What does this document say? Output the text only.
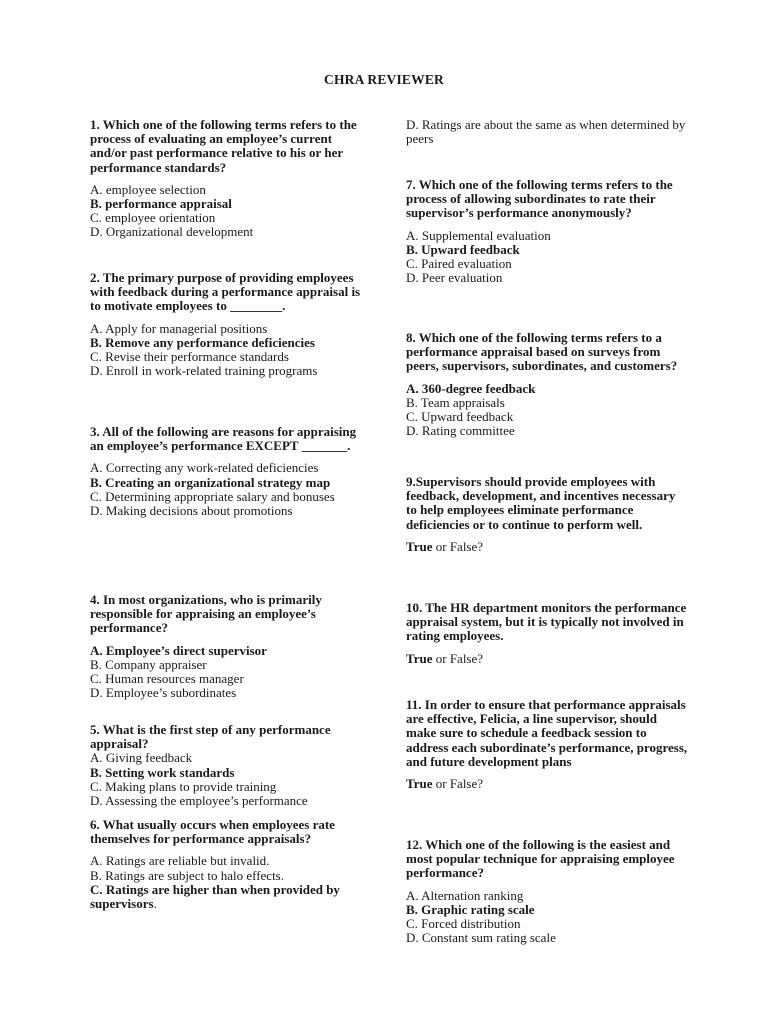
CHRA REVIEWER

1. Which one of the following terms refers to the process of evaluating an employee’s current and/or past performance relative to his or her performance standards?

A. employee selection

B. performance appraisal

C. employee orientation

D. Organizational development

2. The primary purpose of providing employees with feedback during a performance appraisal is to motivate employees to ________.

A. Apply for managerial positions

B. Remove any performance deficiencies

C. Revise their performance standards

D. Enroll in work-related training programs

3. All of the following are reasons for appraising an employee’s performance EXCEPT _______.

A. Correcting any work-related deficiencies

B. Creating an organizational strategy map

C. Determining appropriate salary and bonuses

D. Making decisions about promotions

4. In most organizations, who is primarily responsible for appraising an employee’s performance?

A. Employee’s direct supervisor

B. Company appraiser

C. Human resources manager

D. Employee’s subordinates

5. What is the first step of any performance appraisal?

A. Giving feedback

B. Setting work standards

C. Making plans to provide training

D. Assessing the employee’s performance

6. What usually occurs when employees rate themselves for performance appraisals?

A. Ratings are reliable but invalid.

B. Ratings are subject to halo effects.

C. Ratings are higher than when provided by supervisors.

D. Ratings are about the same as when determined by peers

7. Which one of the following terms refers to the process of allowing subordinates to rate their supervisor’s performance anonymously?

A. Supplemental evaluation

B. Upward feedback

C. Paired evaluation

D. Peer evaluation

8. Which one of the following terms refers to a performance appraisal based on surveys from peers, supervisors, subordinates, and customers?

A. 360-degree feedback

B. Team appraisals

C. Upward feedback

D. Rating committee

9.Supervisors should provide employees with feedback, development, and incentives necessary to help employees eliminate performance deficiencies or to continue to perform well.

True or False?

10. The HR department monitors the performance appraisal system, but it is typically not involved in rating employees.

True or False?

11. In order to ensure that performance appraisals are effective, Felicia, a line supervisor, should make sure to schedule a feedback session to address each subordinate’s performance, progress, and future development plans

True or False?

12. Which one of the following is the easiest and most popular technique for appraising employee performance?

A. Alternation ranking

B. Graphic rating scale

C. Forced distribution

D. Constant sum rating scale
